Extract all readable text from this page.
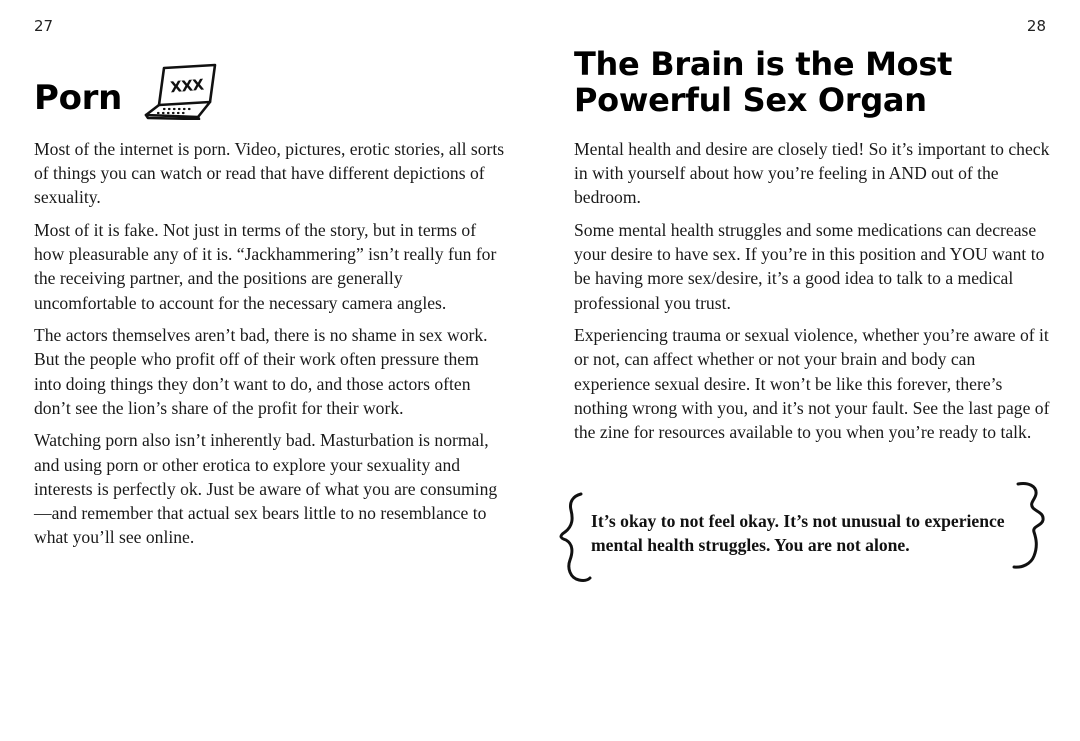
27	28
Porn	XXX

Most of the internet is porn. Video, pictures, erotic stories, all sorts of things you can watch or read that have different depictions of sexuality.

Most of it is fake. Not just in terms of the story, but in terms of how pleasurable any of it is. “Jackhammering” isn’t really fun for the receiving partner, and the positions are generally uncomfortable to account for the necessary camera angles.

The actors themselves aren’t bad, there is no shame in sex work. But the people who profit off of their work often pressure them into doing things they don’t want to do, and those actors often don’t see the lion’s share of the profit for their work.

Watching porn also isn’t inherently bad. Masturbation is normal, and using porn or other erotica to explore your sexuality and interests is perfectly ok. Just be aware of what you are consuming—and remember that actual sex bears little to no resemblance to what you’ll see online.

The Brain is the Most
Powerful Sex Organ

Mental health and desire are closely tied! So it’s important to check in with yourself about how you’re feeling in AND out of the bedroom.

Some mental health struggles and some medications can decrease your desire to have sex. If you’re in this position and YOU want to be having more sex/desire, it’s a good idea to talk to a medical professional you trust.

Experiencing trauma or sexual violence, whether you’re aware of it or not, can affect whether or not your brain and body can experience sexual desire. It won’t be like this forever, there’s nothing wrong with you, and it’s not your fault. See the last page of the zine for resources available to you when you’re ready to talk.

It’s okay to not feel okay. It’s not unusual to experience mental health struggles. You are not alone.
